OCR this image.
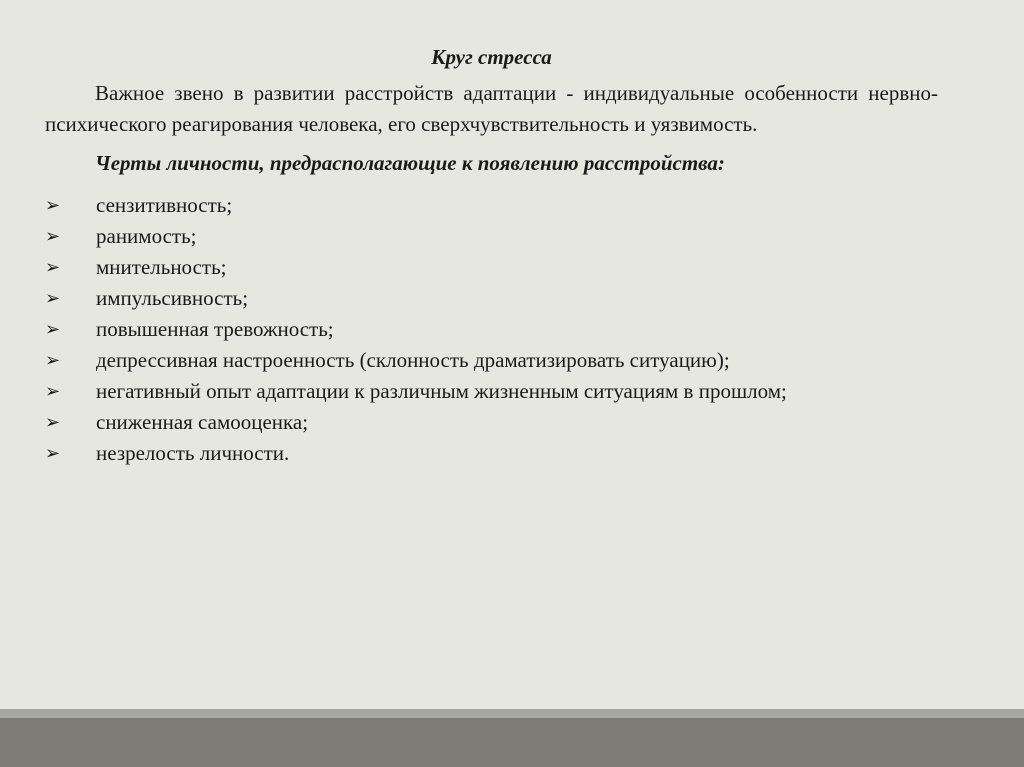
Круг стресса

Важное звено в развитии расстройств адаптации - индивидуальные особенности нервно-психического реагирования человека, его сверхчувствительность и уязвимость.

Черты личности, предрасполагающие к появлению расстройства:
➢ сензитивность;
➢ ранимость;
➢ мнительность;
➢ импульсивность;
➢ повышенная тревожность;
➢ депрессивная настроенность (склонность драматизировать ситуацию);
➢ негативный опыт адаптации к различным жизненным ситуациям в прошлом;
➢ сниженная самооценка;
➢ незрелость личности.
